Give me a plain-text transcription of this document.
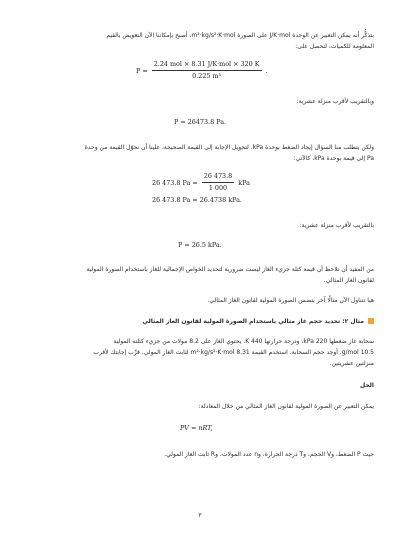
بتذكُّر أنه يمكن التعبير عن الوحدة J/K·mol على الصورة m²·kg/s²·K·mol، أصبح بإمكاننا الآن التعويض بالقيم

المعلومة للكميات، لنحصل على:

$P = \frac{\text{2.24 mol × 8.31 J/K·mol × 320 K}}{\text{0.225 m³}}$ .

وبالتقريب لأقرب منزلة عشرية:

P = 26473.8 Pa.

ولكن يتطلب منا السؤال إيجاد الضغط بوحدة kPa. لتحويل الإجابة إلى القيمة الصحيحة، علينا أن نحوّل القيمة من وحدة

Pa إلى قيمة بوحدة kPa، كالآتي:

26 473.8 $Pa = \frac{26 473.8}{1 000}$ kPa
26 473.8 Pa = 26.4738 kPa.

بالتقريب لأقرب منزلة عشرية:

P = 26.5 kPa.

من المفيد أن نلاحظ أن قيمة كتلة جزيء الغاز ليست ضرورية لتحديد الخواص الإجمالية للغاز باستخدام الصورة المولية

لقانون الغاز المثالي.

هيا نتناول الآن مثالًا آخر يتضمن الصورة المولية لقانون الغاز المثالي.

مثال ٢: تحديد حجم غاز مثالي باستخدام الصورة المولية لقانون الغاز المثالي

سحابة غاز ضغطها 220 kPa، ودرجة حرارتها 440 K. يحتوي الغاز على 8.2 مولات من جزيء كتلته المولية

10.5 g/mol. أوجد حجم السحابة. استخدم القيمة 8.31 m²·kg/s²·K·mol لثابت الغاز المولي. قرِّب إجابتك لأقرب

منزلتين عشريتين.

الحل

يمكن التعبير عن الصورة المولية لقانون الغاز المثالي من خلال المعادلة:

PV = nRT,

حيث P الضغط، وV الحجم، وT درجة الحرارة، وn عدد المولات، وR ثابت الغاز المولي.

٣
